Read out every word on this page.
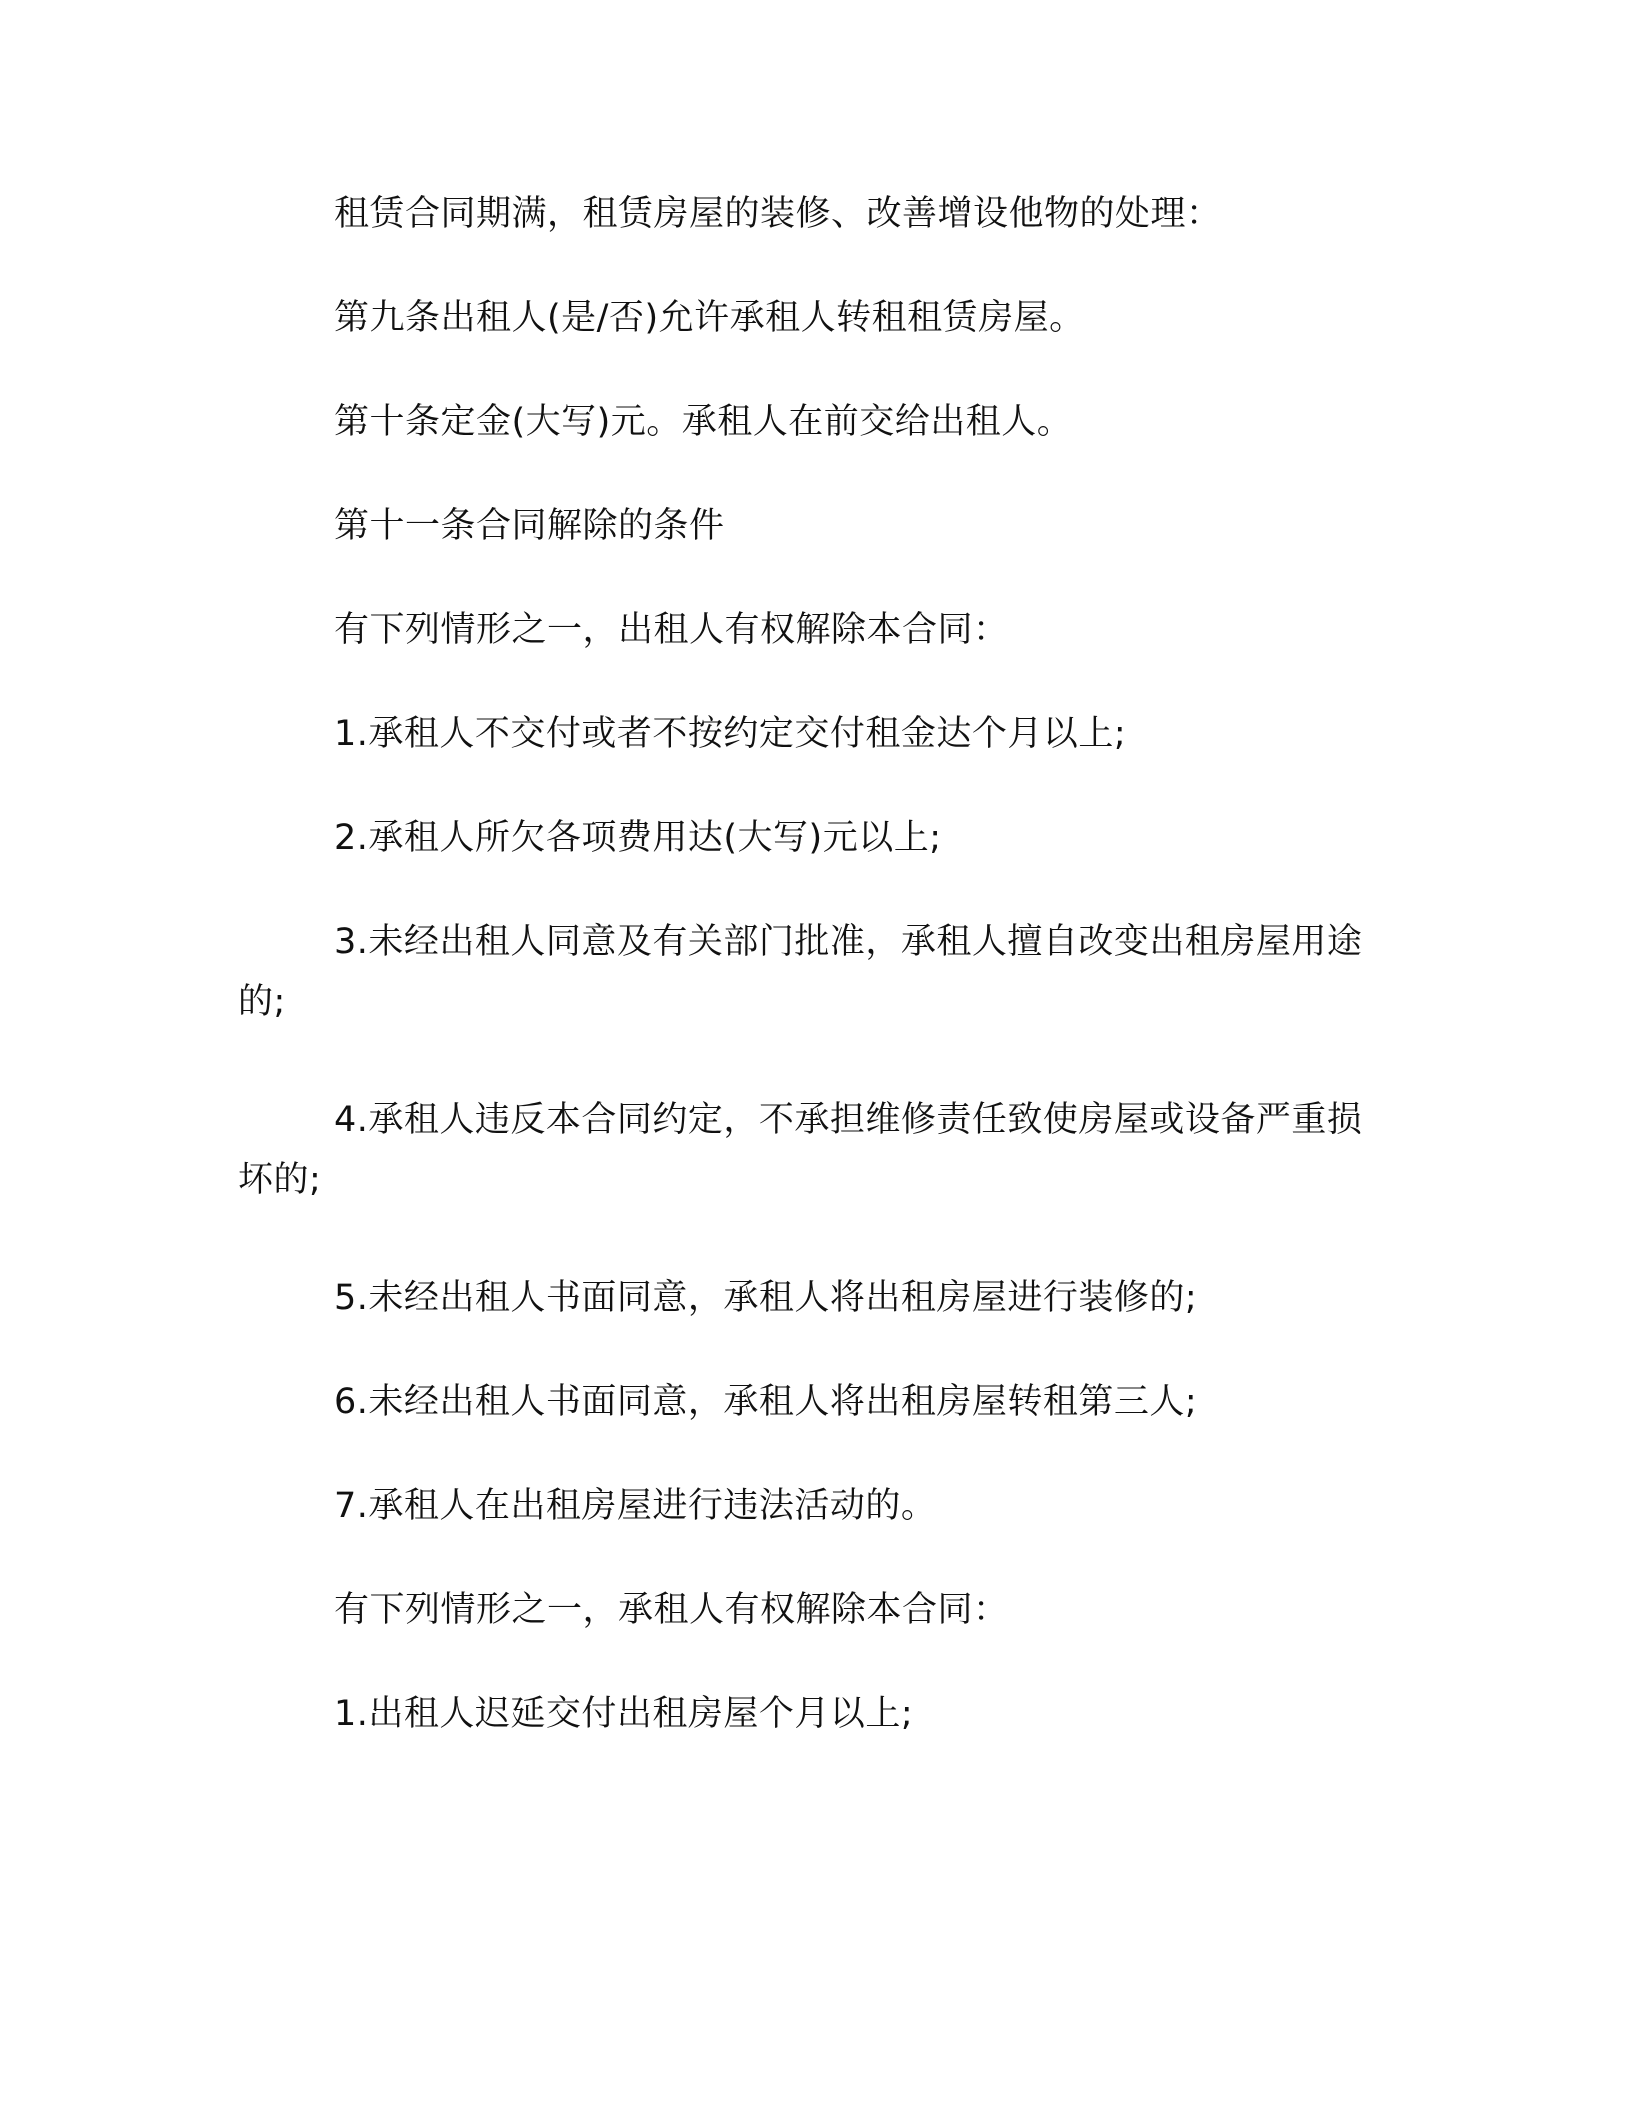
租赁合同期满，租赁房屋的装修、改善增设他物的处理：

第九条出租人(是/否)允许承租人转租租赁房屋。

第十条定金(大写)元。承租人在前交给出租人。

第十一条合同解除的条件

有下列情形之一，出租人有权解除本合同：

1.承租人不交付或者不按约定交付租金达个月以上;

2.承租人所欠各项费用达(大写)元以上;

3.未经出租人同意及有关部门批准，承租人擅自改变出租房屋用途的;

4.承租人违反本合同约定，不承担维修责任致使房屋或设备严重损坏的;

5.未经出租人书面同意，承租人将出租房屋进行装修的;

6.未经出租人书面同意，承租人将出租房屋转租第三人;

7.承租人在出租房屋进行违法活动的。

有下列情形之一，承租人有权解除本合同：

1.出租人迟延交付出租房屋个月以上;
